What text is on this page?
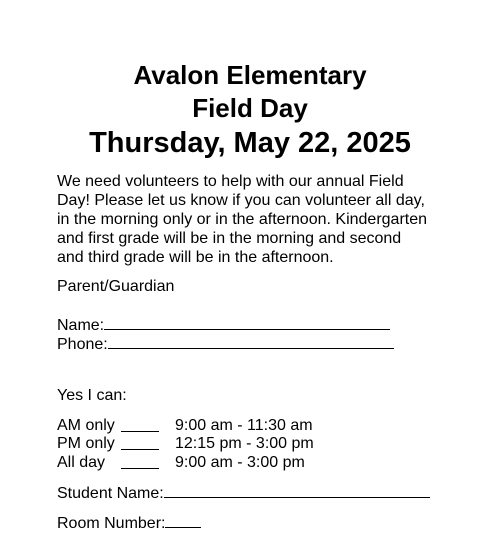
Avalon Elementary
Field Day
Thursday, May 22, 2025
We need volunteers to help with our annual Field
Day! Please let us know if you can volunteer all day,
in the morning only or in the afternoon. Kindergarten
and first grade will be in the morning and second
and third grade will be in the afternoon.
Parent/Guardian
Name:
Phone:
Yes I can:
AM only	9:00 am - 11:30 am
PM only	12:15 pm - 3:00 pm
All day	9:00 am - 3:00 pm
Student Name:
Room Number:
